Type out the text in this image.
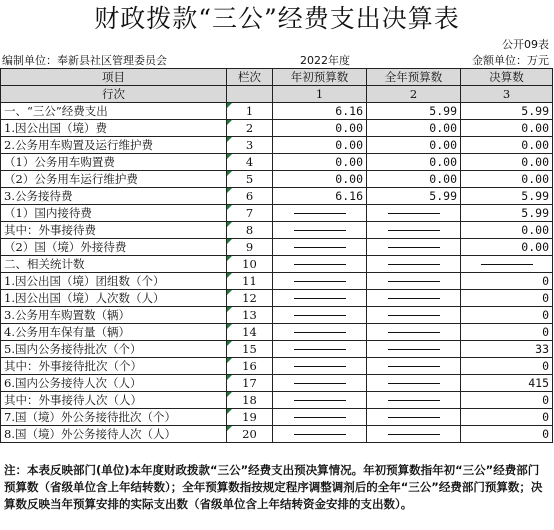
财政拨款“三公”经费支出决算表
公开09表
编制单位：奉新县社区管理委员会	2022年度	金额单位：万元
项目	栏次	年初预算数	全年预算数	决算数
行次		1	2	3
一、“三公”经费支出	1	6.16	5.99	5.99
1.因公出国（境）费	2	0.00	0.00	0.00
2.公务用车购置及运行维护费	3	0.00	0.00	0.00
（1）公务用车购置费	4	0.00	0.00	0.00
（2）公务用车运行维护费	5	0.00	0.00	0.00
3.公务接待费	6	6.16	5.99	5.99
（1）国内接待费	7			5.99
其中：外事接待费	8			0.00
（2）国（境）外接待费	9			0.00
二、相关统计数	10	

1.因公出国（境）团组数（个）	11			0
1.因公出国（境）人次数（人）	12			0
3.公务用车购置数（辆）	13			0
4.公务用车保有量（辆）	14			0
5.国内公务接待批次（个）	15			33
其中：外事接待批次（个）	16			0
6.国内公务接待人次（人）	17			415
其中：外事接待人次（人）	18			0
7.国（境）外公务接待批次（个）	19			0
8.国（境）外公务接待人次（人）	20			0
注：本表反映部门(单位)本年度财政拨款“三公”经费支出预决算情况。年初预算数指年初“三公”经费部门预算数（省级单位含上年结转数）；全年预算数指按规定程序调整调剂后的全年“三公”经费部门预算数；决算数反映当年预算安排的实际支出数（省级单位含上年结转资金安排的支出数）。
